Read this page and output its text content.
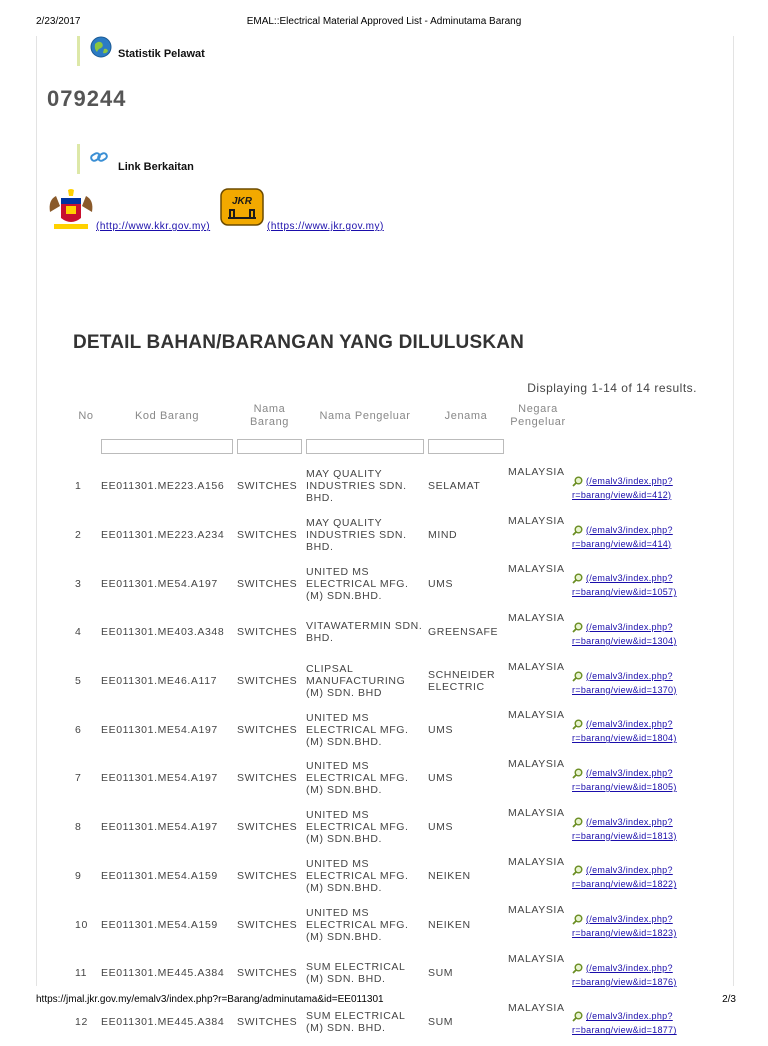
2/23/2017	EMAL::Electrical Material Approved List - Adminutama Barang
Statistik Pelawat
079244
Link Berkaitan
(http://www.kkr.gov.my)
JKR
(https://www.jkr.gov.my)
DETAIL BAHAN/BARANGAN YANG DILULUSKAN
Displaying 1-14 of 14 results.
No	Kod Barang	Nama Barang	Nama Pengeluar	Jenama	Negara Pengeluar	

1	EE011301.ME223.A156	SWITCHES	MAY QUALITY INDUSTRIES SDN. BHD.	SELAMAT	MALAYSIA	(/emalv3/index.php?
r=barang/view&id=412)

2	EE011301.ME223.A234	SWITCHES	MAY QUALITY INDUSTRIES SDN. BHD.	MIND	MALAYSIA	(/emalv3/index.php?
r=barang/view&id=414)

3	EE011301.ME54.A197	SWITCHES	UNITED MS ELECTRICAL MFG. (M) SDN.BHD.	UMS	MALAYSIA	(/emalv3/index.php?
r=barang/view&id=1057)

4	EE011301.ME403.A348	SWITCHES	VITAWATERMIN SDN. BHD.	GREENSAFE	MALAYSIA	(/emalv3/index.php?
r=barang/view&id=1304)

5	EE011301.ME46.A117	SWITCHES	CLIPSAL MANUFACTURING (M) SDN. BHD	SCHNEIDER ELECTRIC	MALAYSIA	(/emalv3/index.php?
r=barang/view&id=1370)

6	EE011301.ME54.A197	SWITCHES	UNITED MS ELECTRICAL MFG. (M) SDN.BHD.	UMS	MALAYSIA	(/emalv3/index.php?
r=barang/view&id=1804)

7	EE011301.ME54.A197	SWITCHES	UNITED MS ELECTRICAL MFG. (M) SDN.BHD.	UMS	MALAYSIA	(/emalv3/index.php?
r=barang/view&id=1805)

8	EE011301.ME54.A197	SWITCHES	UNITED MS ELECTRICAL MFG. (M) SDN.BHD.	UMS	MALAYSIA	(/emalv3/index.php?
r=barang/view&id=1813)

9	EE011301.ME54.A159	SWITCHES	UNITED MS ELECTRICAL MFG. (M) SDN.BHD.	NEIKEN	MALAYSIA	(/emalv3/index.php?
r=barang/view&id=1822)

10	EE011301.ME54.A159	SWITCHES	UNITED MS ELECTRICAL MFG. (M) SDN.BHD.	NEIKEN	MALAYSIA	(/emalv3/index.php?
r=barang/view&id=1823)

11	EE011301.ME445.A384	SWITCHES	SUM ELECTRICAL (M) SDN. BHD.	SUM	MALAYSIA	(/emalv3/index.php?
r=barang/view&id=1876)

12	EE011301.ME445.A384	SWITCHES	SUM ELECTRICAL (M) SDN. BHD.	SUM	MALAYSIA	(/emalv3/index.php?
r=barang/view&id=1877)
https://jmal.jkr.gov.my/emalv3/index.php?r=Barang/adminutama&id=EE011301	2/3
